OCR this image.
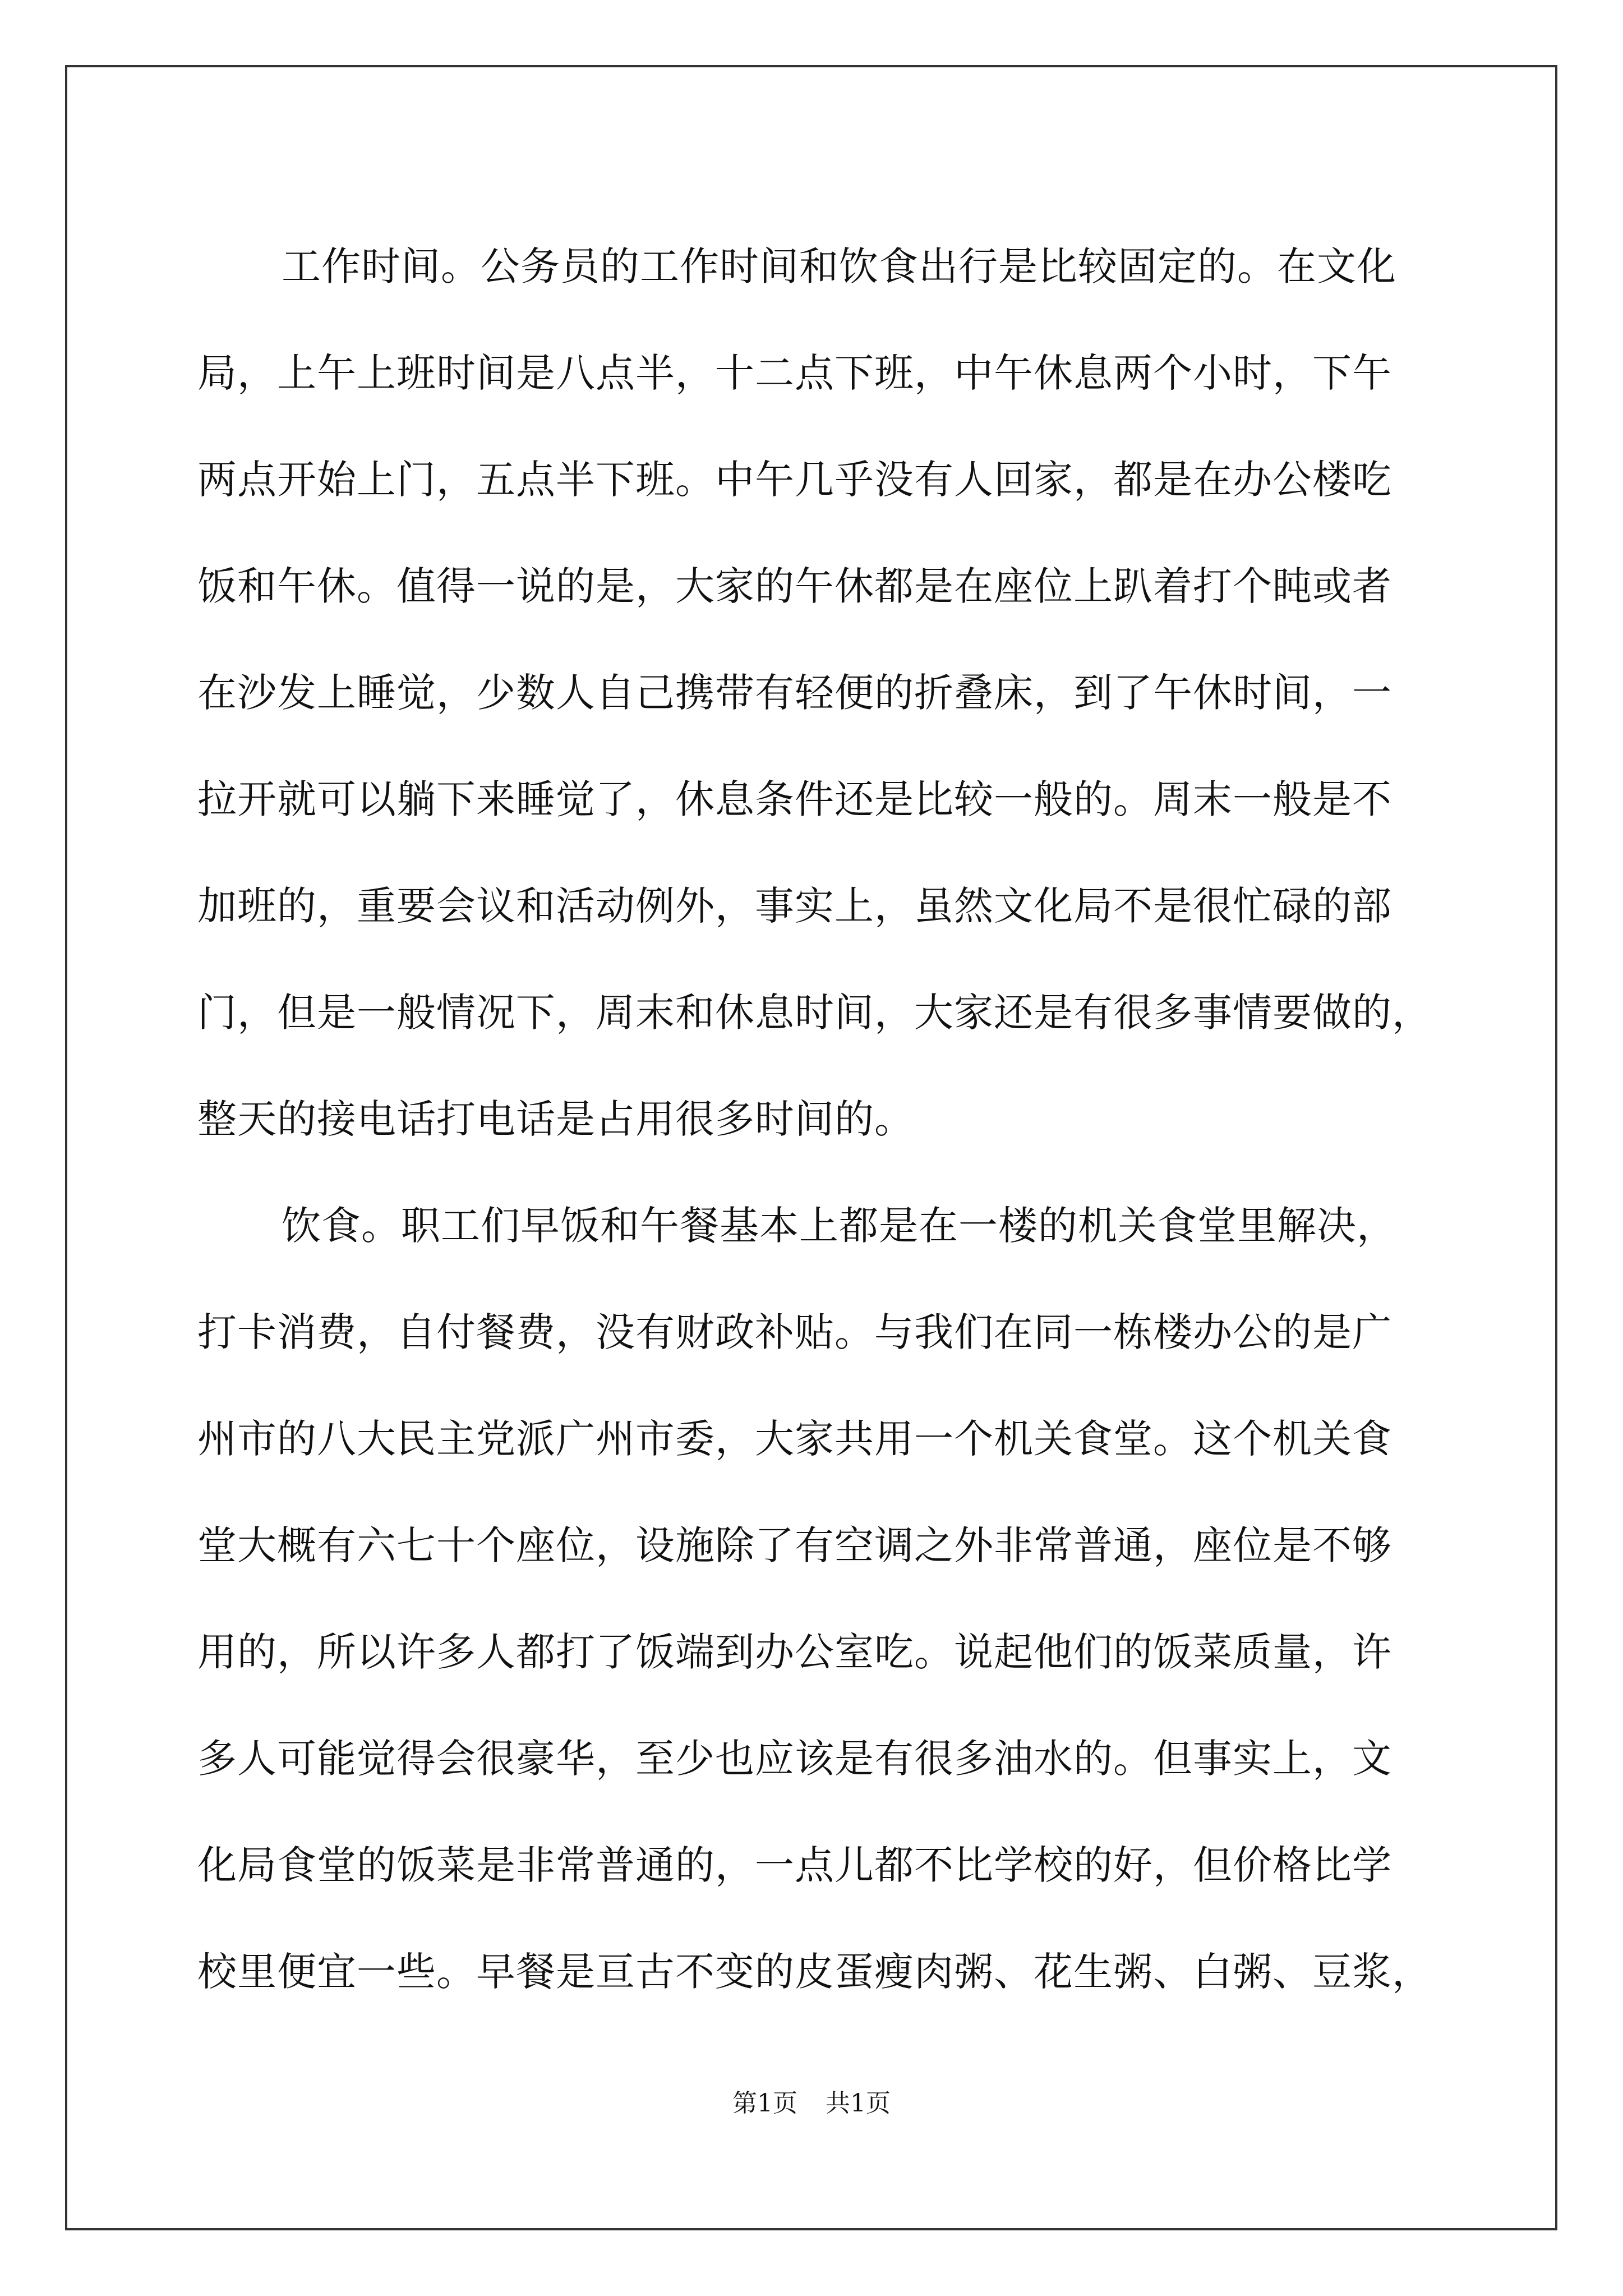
工作时间。公务员的工作时间和饮食出行是比较固定的。在文化
局，上午上班时间是八点半，十二点下班，中午休息两个小时，下午
两点开始上门，五点半下班。中午几乎没有人回家，都是在办公楼吃
饭和午休。值得一说的是，大家的午休都是在座位上趴着打个盹或者
在沙发上睡觉，少数人自己携带有轻便的折叠床，到了午休时间，一
拉开就可以躺下来睡觉了，休息条件还是比较一般的。周末一般是不
加班的，重要会议和活动例外，事实上，虽然文化局不是很忙碌的部
门，但是一般情况下，周末和休息时间，大家还是有很多事情要做的，
整天的接电话打电话是占用很多时间的。
饮食。职工们早饭和午餐基本上都是在一楼的机关食堂里解决，
打卡消费，自付餐费，没有财政补贴。与我们在同一栋楼办公的是广
州市的八大民主党派广州市委，大家共用一个机关食堂。这个机关食
堂大概有六七十个座位，设施除了有空调之外非常普通，座位是不够
用的，所以许多人都打了饭端到办公室吃。说起他们的饭菜质量，许
多人可能觉得会很豪华，至少也应该是有很多油水的。但事实上，文
化局食堂的饭菜是非常普通的，一点儿都不比学校的好，但价格比学
校里便宜一些。早餐是亘古不变的皮蛋瘦肉粥、花生粥、白粥、豆浆，
第1页 共1页
